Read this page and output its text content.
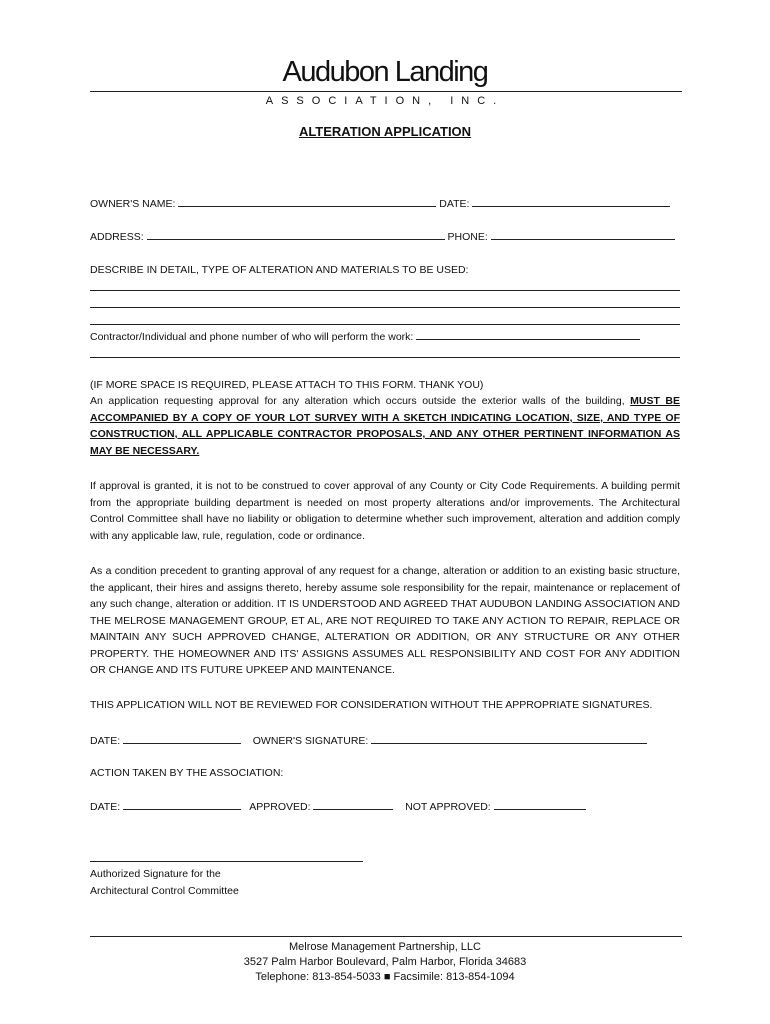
Audubon Landing
ASSOCIATION, INC.
ALTERATION APPLICATION
OWNER'S NAME:	DATE:
ADDRESS:	PHONE:
DESCRIBE IN DETAIL, TYPE OF ALTERATION AND MATERIALS TO BE USED:
Contractor/Individual and phone number of who will perform the work:
(IF MORE SPACE IS REQUIRED, PLEASE ATTACH TO THIS FORM. THANK YOU)
An application requesting approval for any alteration which occurs outside the exterior walls of the building, MUST BE ACCOMPANIED BY A COPY OF YOUR LOT SURVEY WITH A SKETCH INDICATING LOCATION, SIZE, AND TYPE OF CONSTRUCTION, ALL APPLICABLE CONTRACTOR PROPOSALS, AND ANY OTHER PERTINENT INFORMATION AS MAY BE NECESSARY.
If approval is granted, it is not to be construed to cover approval of any County or City Code Requirements. A building permit from the appropriate building department is needed on most property alterations and/or improvements. The Architectural Control Committee shall have no liability or obligation to determine whether such improvement, alteration and addition comply with any applicable law, rule, regulation, code or ordinance.
As a condition precedent to granting approval of any request for a change, alteration or addition to an existing basic structure, the applicant, their hires and assigns thereto, hereby assume sole responsibility for the repair, maintenance or replacement of any such change, alteration or addition. IT IS UNDERSTOOD AND AGREED THAT AUDUBON LANDING ASSOCIATION AND THE MELROSE MANAGEMENT GROUP, ET AL, ARE NOT REQUIRED TO TAKE ANY ACTION TO REPAIR, REPLACE OR MAINTAIN ANY SUCH APPROVED CHANGE, ALTERATION OR ADDITION, OR ANY STRUCTURE OR ANY OTHER PROPERTY. THE HOMEOWNER AND ITS' ASSIGNS ASSUMES ALL RESPONSIBILITY AND COST FOR ANY ADDITION OR CHANGE AND ITS FUTURE UPKEEP AND MAINTENANCE.
THIS APPLICATION WILL NOT BE REVIEWED FOR CONSIDERATION WITHOUT THE APPROPRIATE SIGNATURES.
DATE:	OWNER'S SIGNATURE:
ACTION TAKEN BY THE ASSOCIATION:
DATE:	APPROVED:	NOT APPROVED:
Authorized Signature for the
Architectural Control Committee
Melrose Management Partnership, LLC
3527 Palm Harbor Boulevard, Palm Harbor, Florida 34683
Telephone: 813-854-5033 ■ Facsimile: 813-854-1094
